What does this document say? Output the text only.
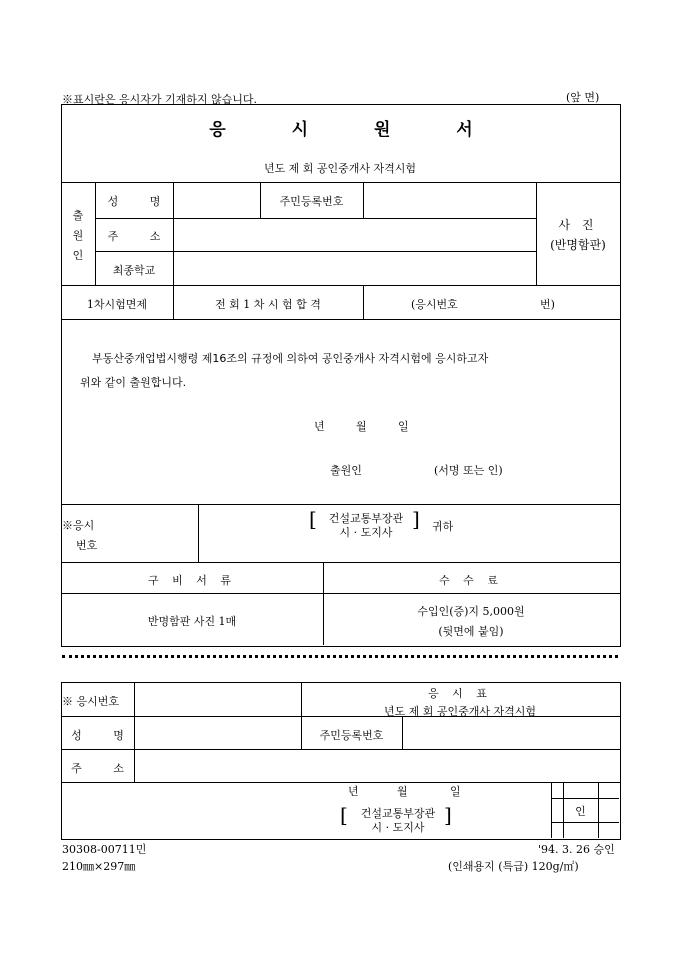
※표시란은 응시자가 기재하지 않습니다.	(앞 면)
응 시 원 서
년도 제 회 공인중개사 자격시험
출
원
인
성 명	주민등록번호
주 소
최종학교
사 진
(반명함판)
1차시험면제	전 회 1 차 시 험 합 격	(응시번호	번)
부동산중개업법시행령 제16조의 규정에 의하여 공인중개사 자격시험에 응시하고자
위와 같이 출원합니다.
년	월	일
출원인	(서명 또는 인)
※응시
번호
[	건설교통부장관
시 · 도지사
] 귀하
구 비 서 류	수 수 료
반명함판 사진 1매
수입인(증)지 5,000원
(뒷면에 붙임)
※ 응시번호
응 시 표
년도 제 회 공인중개사 자격시험
성 명	주민등록번호
주 소
년	월	일
[	건설교통부장관
시 · 도지사
]	인
30308-00711민
210㎜×297㎜
'94. 3. 26 승인
(인쇄용지 (특급) 120g/㎡)
